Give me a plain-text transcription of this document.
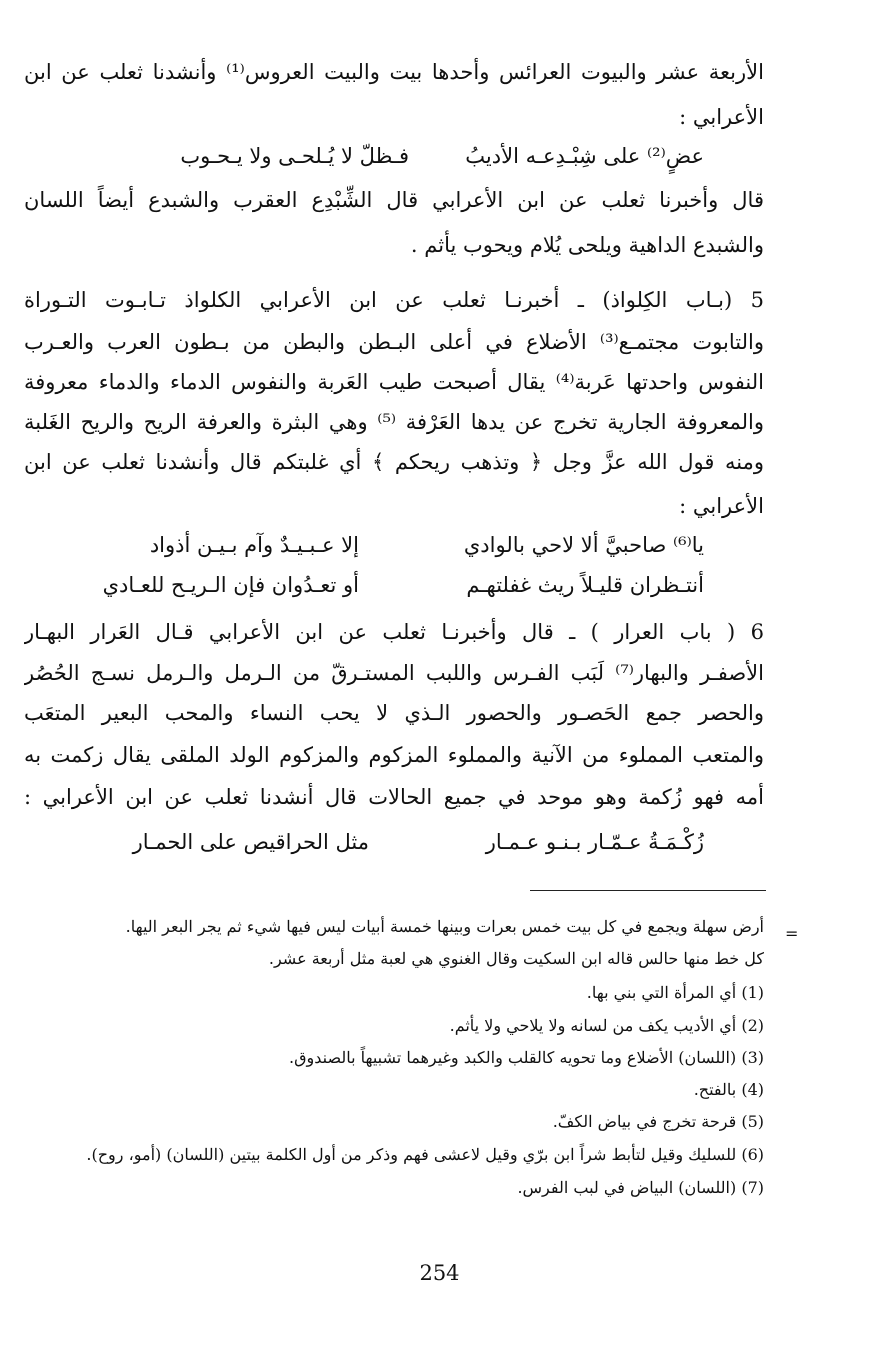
الأربعة عشر والبيوت العرائس وأحدها بيت والبيت العروس⁽¹⁾ وأنشدنا ثعلب عن ابن
الأعرابي :
عضٍ⁽²⁾ على شِبْـدِعـه الأديبُ
فـظلّ لا يُـلحـى ولا يـحـوب
قال وأخبرنا ثعلب عن ابن الأعرابي قال الشِّبْدِع العقرب والشبدع أيضاً اللسان
والشبدع الداهية ويلحى يُلام ويحوب يأثم .
5 (بـاب الكِلواذ) ـ أخبرنـا ثعلب عن ابن الأعرابي الكلواذ تـابـوت التـوراة
والتابوت مجتمـع⁽³⁾ الأضلاع في أعلى البـطن والبطن من بـطون العرب والعـرب
النفوس واحدتها عَربة⁽⁴⁾ يقال أصبحت طيب العَربة والنفوس الدماء والدماء معروفة
والمعروفة الجارية تخرج عن يدها العَرْفة ⁽⁵⁾ وهي البثرة والعرفة الريح والريح الغَلبة
ومنه قول الله عزَّ وجل ﴿ وتذهب ريحكم ﴾ أي غلبتكم قال وأنشدنا ثعلب عن ابن
الأعرابي :
يا⁽⁶⁾ صاحبيَّ ألا لاحي بالوادي
إلا عـبـيـدٌ وآم بـيـن أذواد
أنتـظران قليـلاً ريث غفلتهـم
أو تعـدُوان فإن الـريـح للعـادي
6 ( باب العرار ) ـ قال وأخبرنـا ثعلب عن ابن الأعرابي قـال العَرار البهـار
الأصفـر والبهار⁽⁷⁾ لَبَب الفـرس واللبب المستـرقّ من الـرمل والـرمل نسـج الحُصُر
والحصر جمع الحَصـور والحصور الـذي لا يحب النساء والمحب البعير المتعَب
والمتعب المملوء من الآنية والمملوء المزكوم والمزكوم الولد الملقى يقال زكمت به
أمه فهو زُكمة وهو موحد في جميع الحالات قال أنشدنا ثعلب عن ابن الأعرابي :
زُكْـمَـةُ عـمّـار بـنـو عـمـار
مثل الحراقيص على الحمـار
=
أرض سهلة ويجمع في كل بيت خمس بعرات وبينها خمسة أبيات ليس فيها شيء ثم يجر البعر اليها.
كل خط منها حالس قاله ابن السكيت وقال الغنوي هي لعبة مثل أربعة عشر.
(1) أي المرأة التي بني بها.
(2) أي الأديب يكف من لسانه ولا يلاحي ولا يأثم.
(3) (اللسان) الأضلاع وما تحويه كالقلب والكبد وغيرهما تشبيهاً بالصندوق.
(4) بالفتح.
(5) قرحة تخرج في بياض الكفّ.
(6) للسليك وقيل لتأبط شراً ابن برّي وقيل لاعشى فهم وذكر من أول الكلمة بيتين (اللسان) (أمو، روح).
(7) (اللسان) البياض في لبب الفرس.
254
